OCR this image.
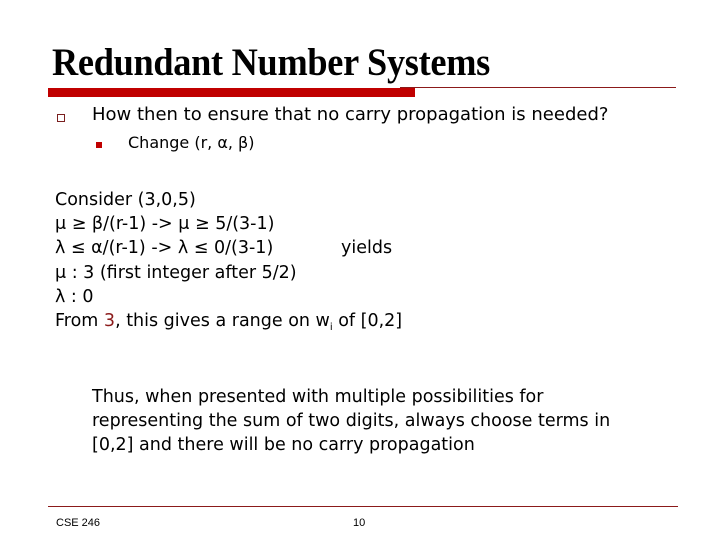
Redundant Number Systems
How then to ensure that no carry propagation is needed?
Change (r, α, β)
Consider (3,0,5)
μ ≥ β/(r-1) -> μ ≥ 5/(3-1)
λ ≤ α/(r-1) -> λ ≤ 0/(3-1)	yields
μ : 3 (first integer after 5/2)
λ : 0
From 3, this gives a range on $w_i$ of [0,2]
Thus, when presented with multiple possibilities for
representing the sum of two digits, always choose terms in
[0,2] and there will be no carry propagation
CSE 246	10
